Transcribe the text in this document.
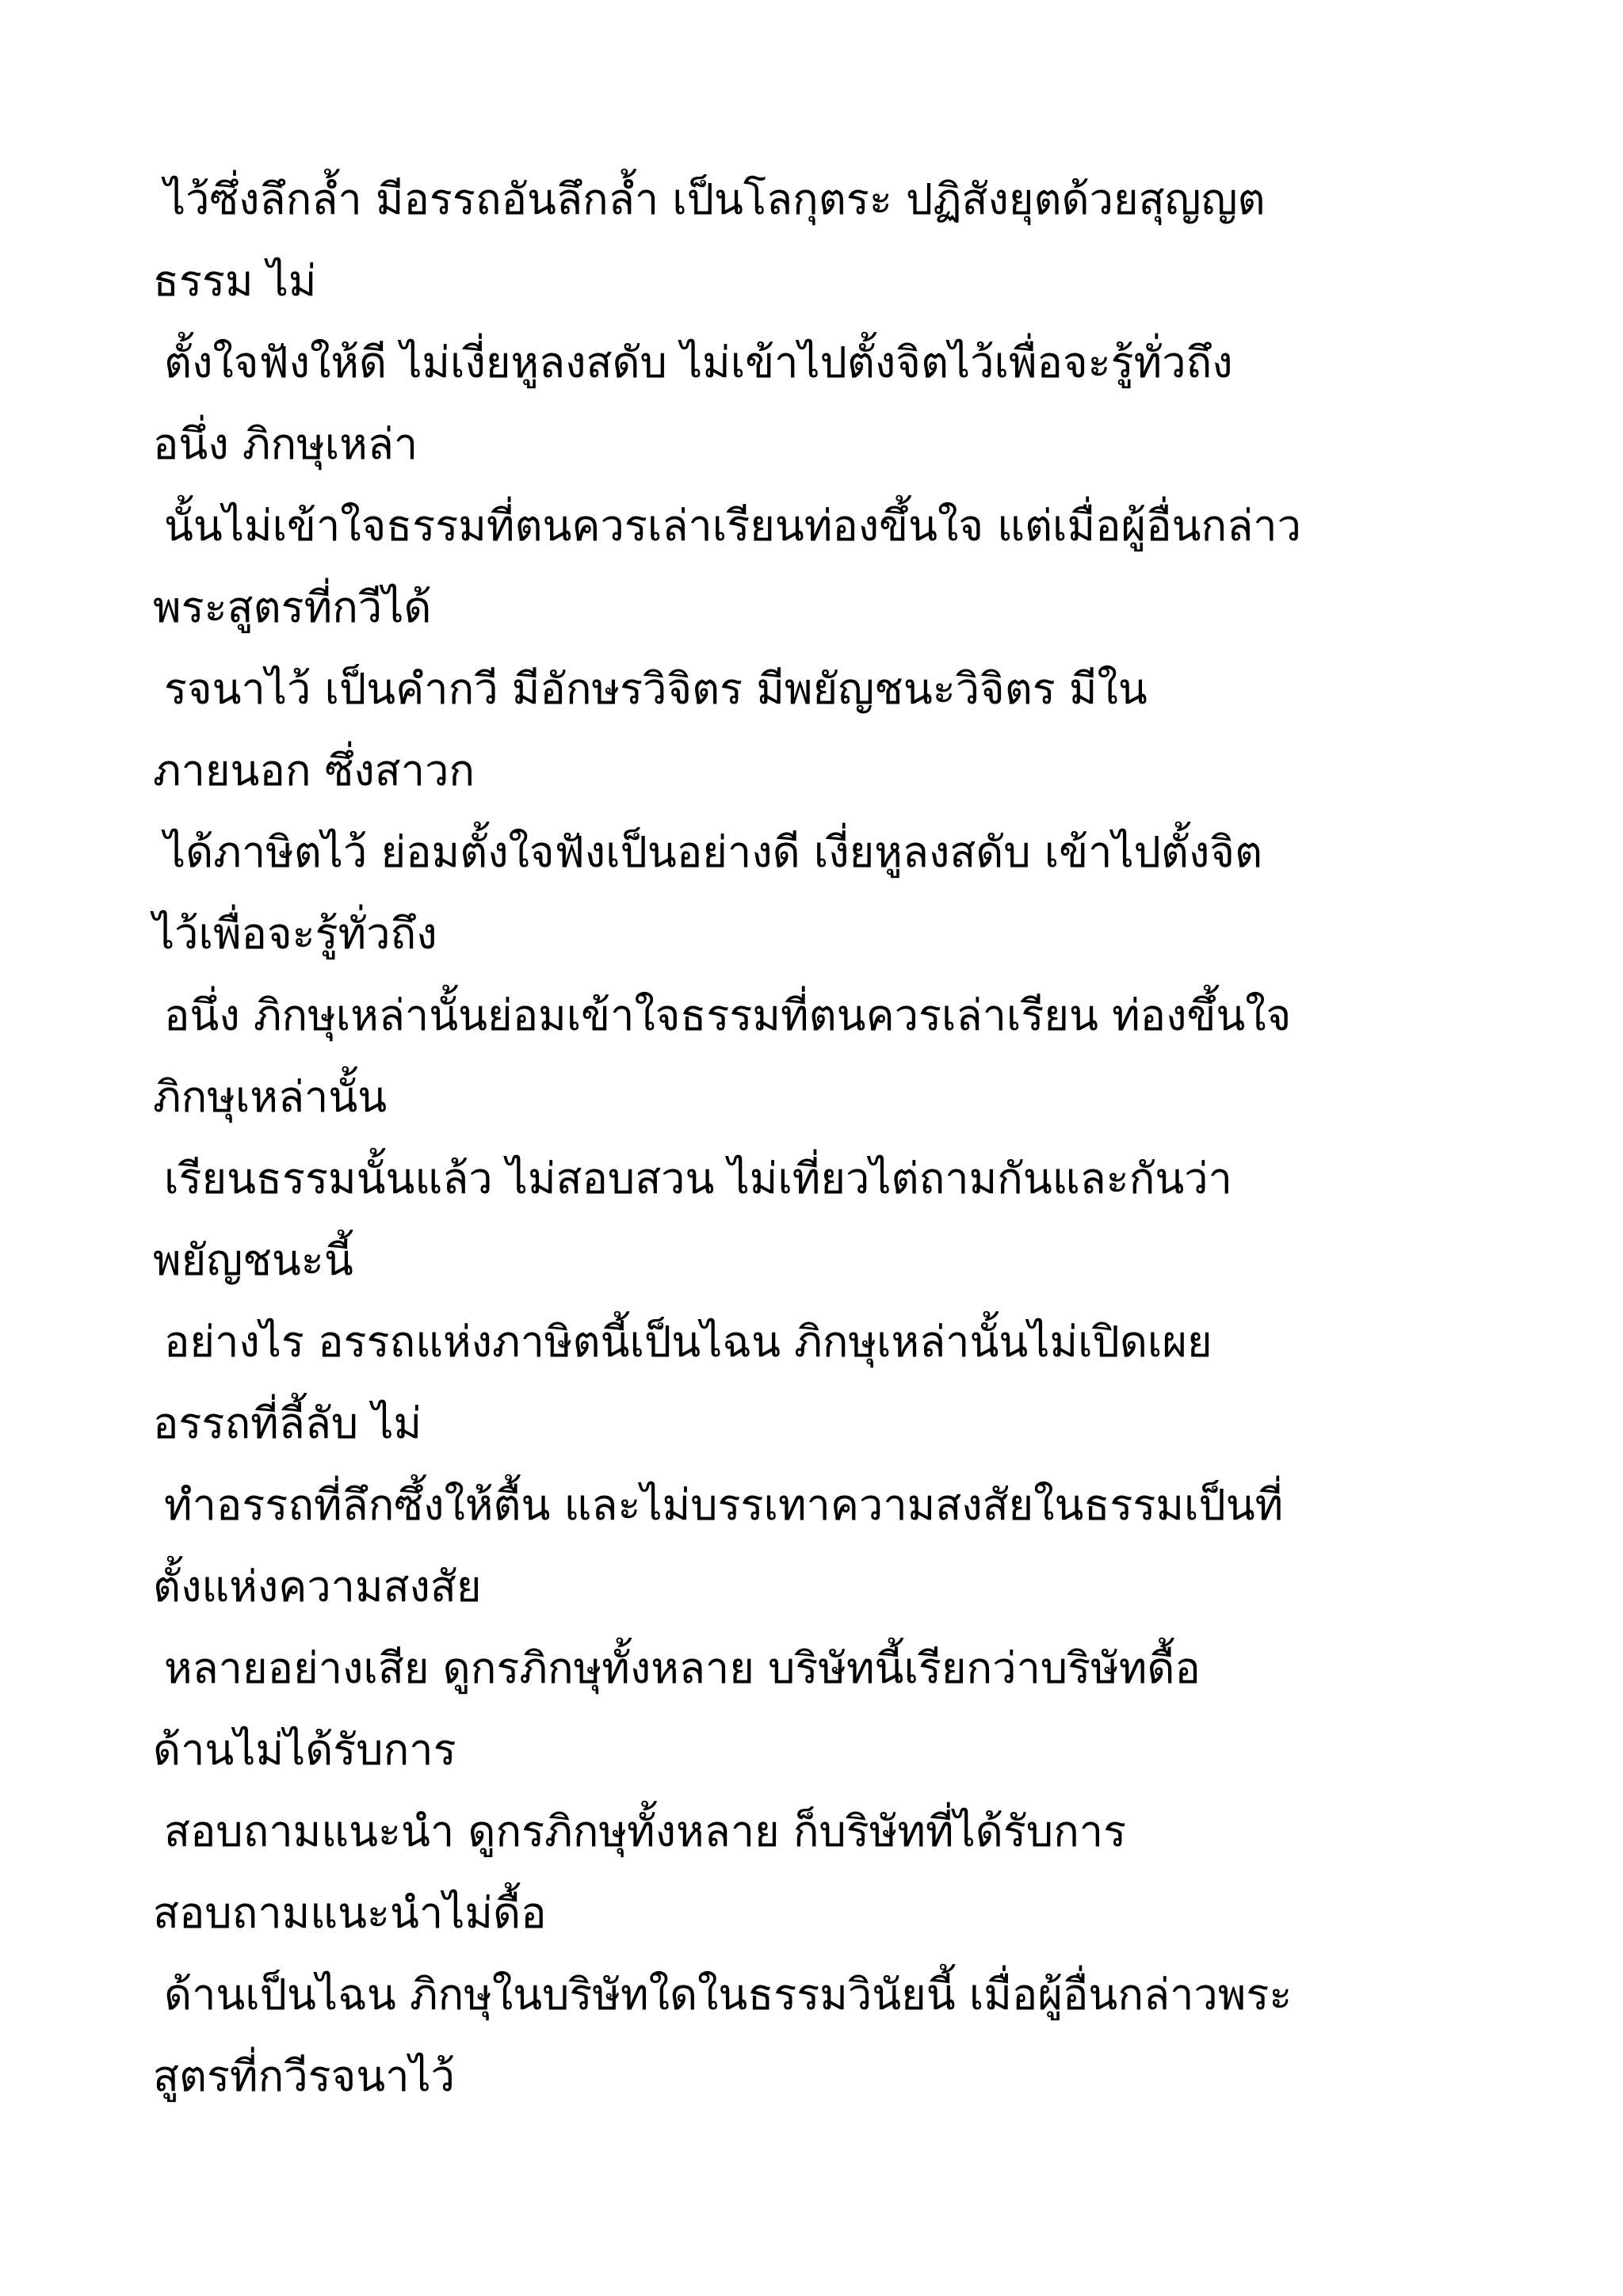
ไว้ซึ่งลึกล้ำ มีอรรถอันลึกล้ำ เป็นโลกุตระ ปฏิสังยุตด้วยสุญญต
ธรรม ไม่
ตั้งใจฟังให้ดี ไม่เงี่ยหูลงสดับ ไม่เข้าไปตั้งจิตไว้เพื่อจะรู้ทั่วถึง
อนึ่ง ภิกษุเหล่า
นั้นไม่เข้าใจธรรมที่ตนควรเล่าเรียนท่องขึ้นใจ แต่เมื่อผู้อื่นกล่าว
พระสูตรที่กวีได้
รจนาไว้ เป็นคำกวี มีอักษรวิจิตร มีพยัญชนะวิจิตร มีใน
ภายนอก ซึ่งสาวก
ได้ภาษิตไว้ ย่อมตั้งใจฟังเป็นอย่างดี เงี่ยหูลงสดับ เข้าไปตั้งจิต
ไว้เพื่อจะรู้ทั่วถึง
อนึ่ง ภิกษุเหล่านั้นย่อมเข้าใจธรรมที่ตนควรเล่าเรียน ท่องขึ้นใจ
ภิกษุเหล่านั้น
เรียนธรรมนั้นแล้ว ไม่สอบสวน ไม่เที่ยวไต่ถามกันและกันว่า
พยัญชนะนี้
อย่างไร อรรถแห่งภาษิตนี้เป็นไฉน ภิกษุเหล่านั้นไม่เปิดเผย
อรรถที่ลี้ลับ ไม่
ทำอรรถที่ลึกซึ้งให้ตื้น และไม่บรรเทาความสงสัยในธรรมเป็นที่
ตั้งแห่งความสงสัย
หลายอย่างเสีย ดูกรภิกษุทั้งหลาย บริษัทนี้เรียกว่าบริษัทดื้อ
ด้านไม่ได้รับการ
สอบถามแนะนำ ดูกรภิกษุทั้งหลาย ก็บริษัทที่ได้รับการ
สอบถามแนะนำไม่ดื้อ
ด้านเป็นไฉน ภิกษุในบริษัทใดในธรรมวินัยนี้ เมื่อผู้อื่นกล่าวพระ
สูตรที่กวีรจนาไว้
